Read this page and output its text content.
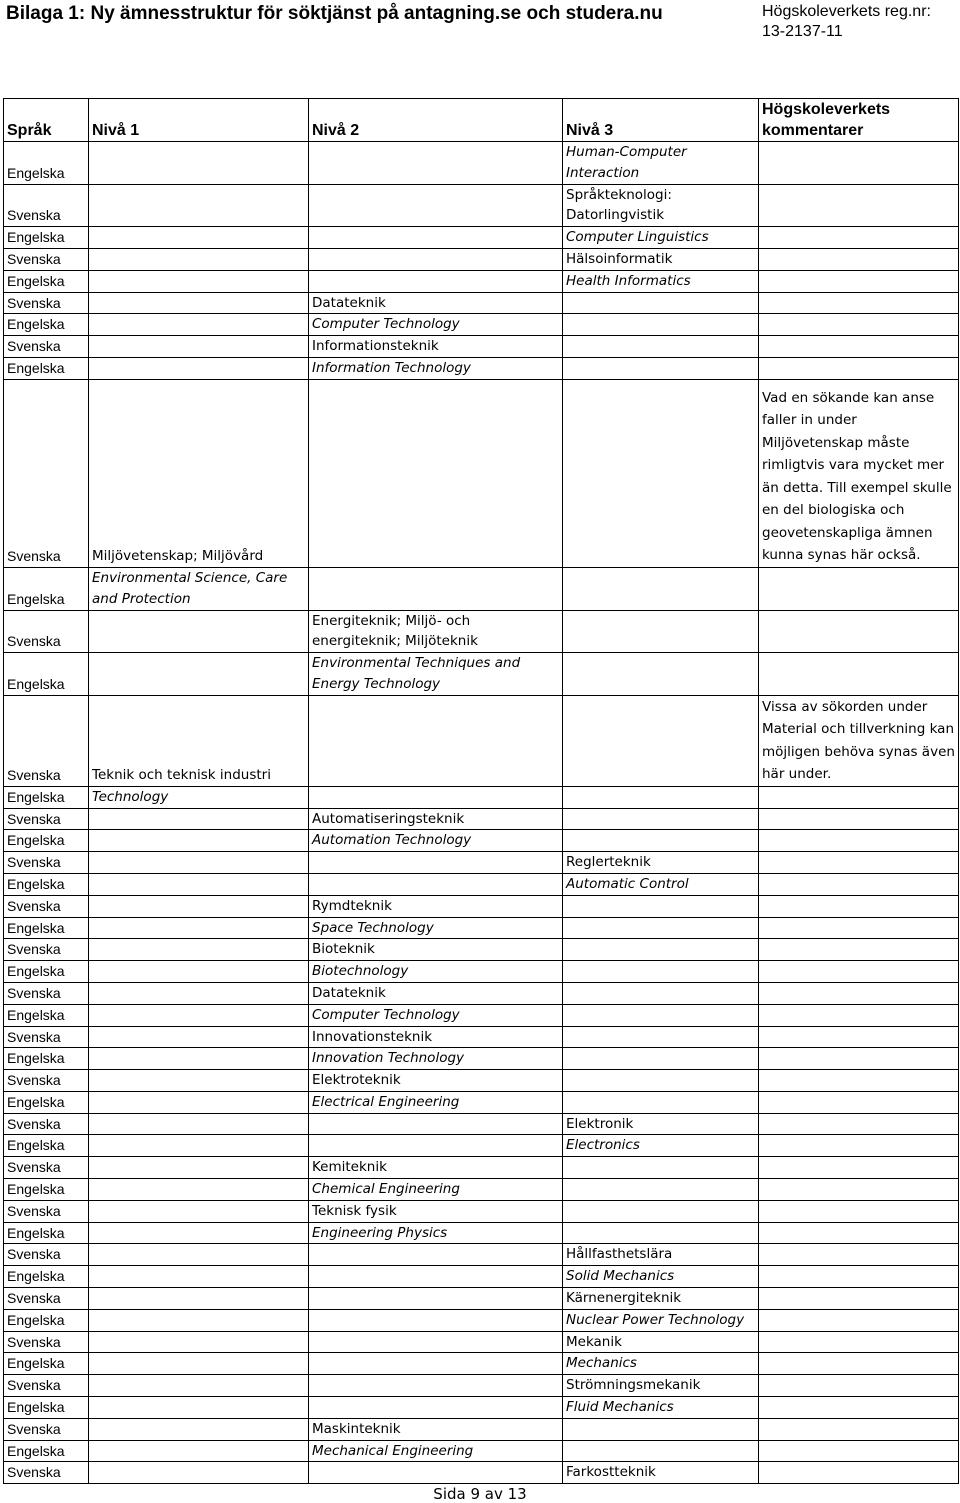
Bilaga 1: Ny ämnesstruktur för söktjänst på antagning.se och studera.nu	Högskoleverkets reg.nr:
13-2137-11
Språk	Nivå 1	Nivå 2	Nivå 3	Högskoleverkets kommentarer
Engelska			Human-Computer Interaction	
Svenska			Språkteknologi: Datorlingvistik	
Engelska			Computer Linguistics	
Svenska			Hälsoinformatik	
Engelska			Health Informatics	
Svenska		Datateknik		
Engelska		Computer Technology		
Svenska		Informationsteknik		
Engelska		Information Technology		
Svenska	Miljövetenskap; Miljövård			Vad en sökande kan anse faller in under Miljövetenskap måste rimligtvis vara mycket mer än detta. Till exempel skulle en del biologiska och geovetenskapliga ämnen kunna synas här också.
Engelska	Environmental Science, Care and Protection			
Svenska		Energiteknik; Miljö- och energiteknik; Miljöteknik		
Engelska		Environmental Techniques and Energy Technology		
Svenska	Teknik och teknisk industri			Vissa av sökorden under Material och tillverkning kan möjligen behöva synas även här under.
Engelska	Technology			
Svenska		Automatiseringsteknik		
Engelska		Automation Technology		
Svenska			Reglerteknik	
Engelska			Automatic Control	
Svenska		Rymdteknik		
Engelska		Space Technology		
Svenska		Bioteknik		
Engelska		Biotechnology		
Svenska		Datateknik		
Engelska		Computer Technology		
Svenska		Innovationsteknik		
Engelska		Innovation Technology		
Svenska		Elektroteknik		
Engelska		Electrical Engineering		
Svenska			Elektronik	
Engelska			Electronics	
Svenska		Kemiteknik		
Engelska		Chemical Engineering		
Svenska		Teknisk fysik		
Engelska		Engineering Physics		
Svenska			Hållfasthetslära	
Engelska			Solid Mechanics	
Svenska			Kärnenergiteknik	
Engelska			Nuclear Power Technology	
Svenska			Mekanik	
Engelska			Mechanics	
Svenska			Strömningsmekanik	
Engelska			Fluid Mechanics	
Svenska		Maskinteknik		
Engelska		Mechanical Engineering		
Svenska			Farkostteknik	
Sida 9 av 13
